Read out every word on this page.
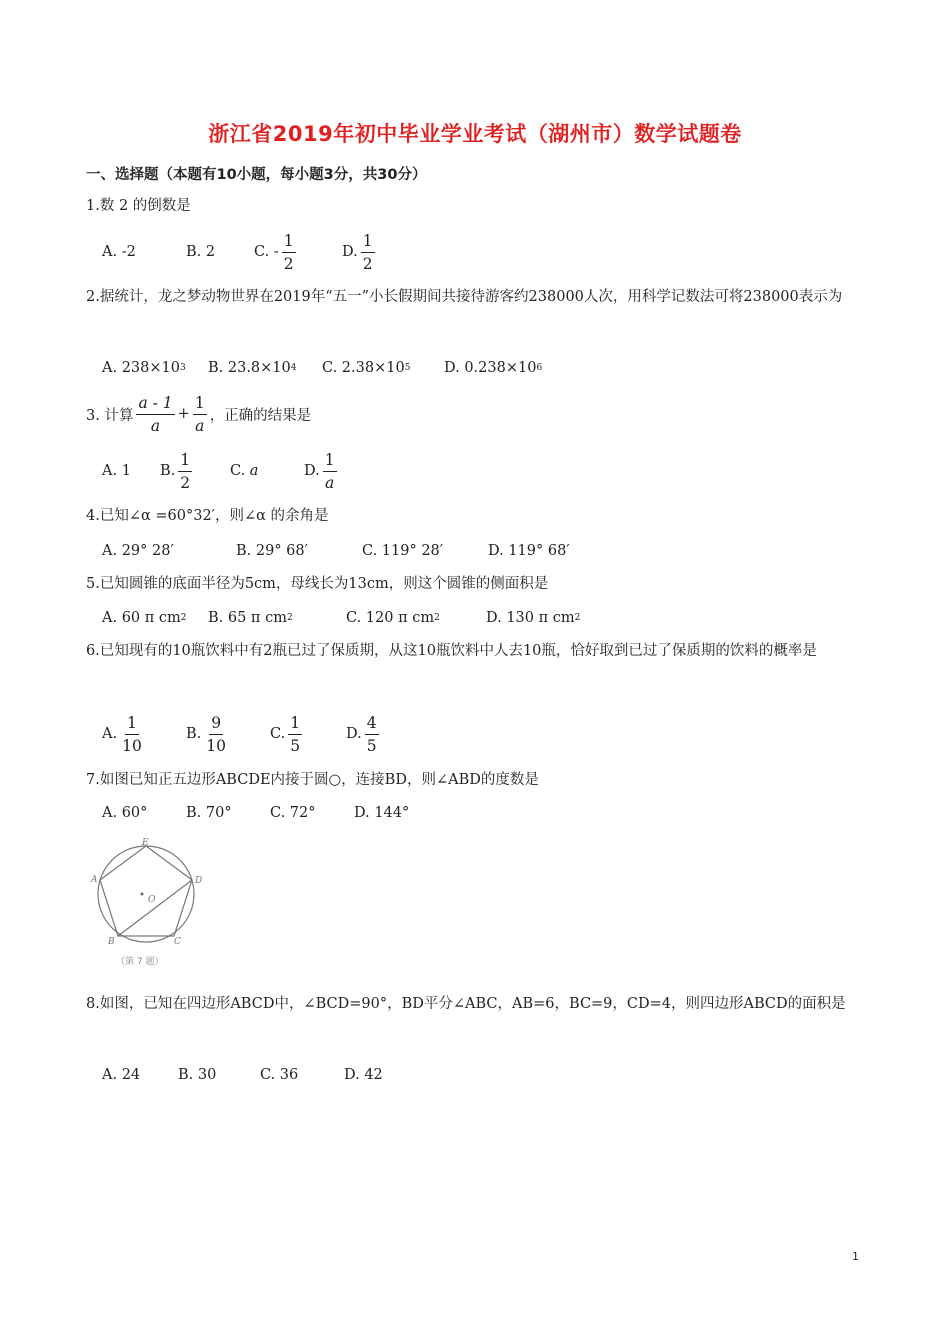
浙江省2019年初中毕业学业考试（湖州市）数学试题卷
一、选择题（本题有10小题，每小题3分，共30分）
1.数 2 的倒数是
A. -2	B. 2	C. - $\frac{1}{2}$	D. $\frac{1}{2}$
2.据统计，龙之梦动物世界在2019年“五一”小长假期间共接待游客约238000人次，用科学记数法可将238000表示为
A. 238×10 3 B. 23.8×10 4 C. 2.38×10 5 D. 0.238×10 6
3. 计算 $\frac{a - 1}{a} + \frac{1}{a}$ ，正确的结果是
A. 1 B. $\frac{1}{2}$	C.
a	D. $\frac{1}{a}$
4.已知∠α =60°32′，则∠α 的余角是
A. 29° 28′	B. 29° 68′	C. 119° 28′	D. 119° 68′
5.已知圆锥的底面半径为5cm，母线长为13cm，则这个圆锥的侧面积是
A. 60 π cm 2 B. 65 π cm 2	C. 120 π cm 2	D. 130 π cm 2
6.已知现有的10瓶饮料中有2瓶已过了保质期，从这10瓶饮料中人去10瓶，恰好取到已过了保质期的饮料的概率是
A. $\frac{1}{10}$	B. $\frac{9}{10}$	C. $\frac{1}{5}$	D. $\frac{4}{5}$
7.如图已知正五边形ABCDE内接于圆○，连接BD，则∠ABD的度数是
A. 60°	B. 70°	C. 72°	D. 144°
E
A	D
O
B	C
（第 7 题）
8.如图，已知在四边形ABCD中，∠BCD=90°，BD平分∠ABC，AB=6，BC=9，CD=4，则四边形ABCD的面积是
A. 24	B. 30	C. 36	D. 42
1
